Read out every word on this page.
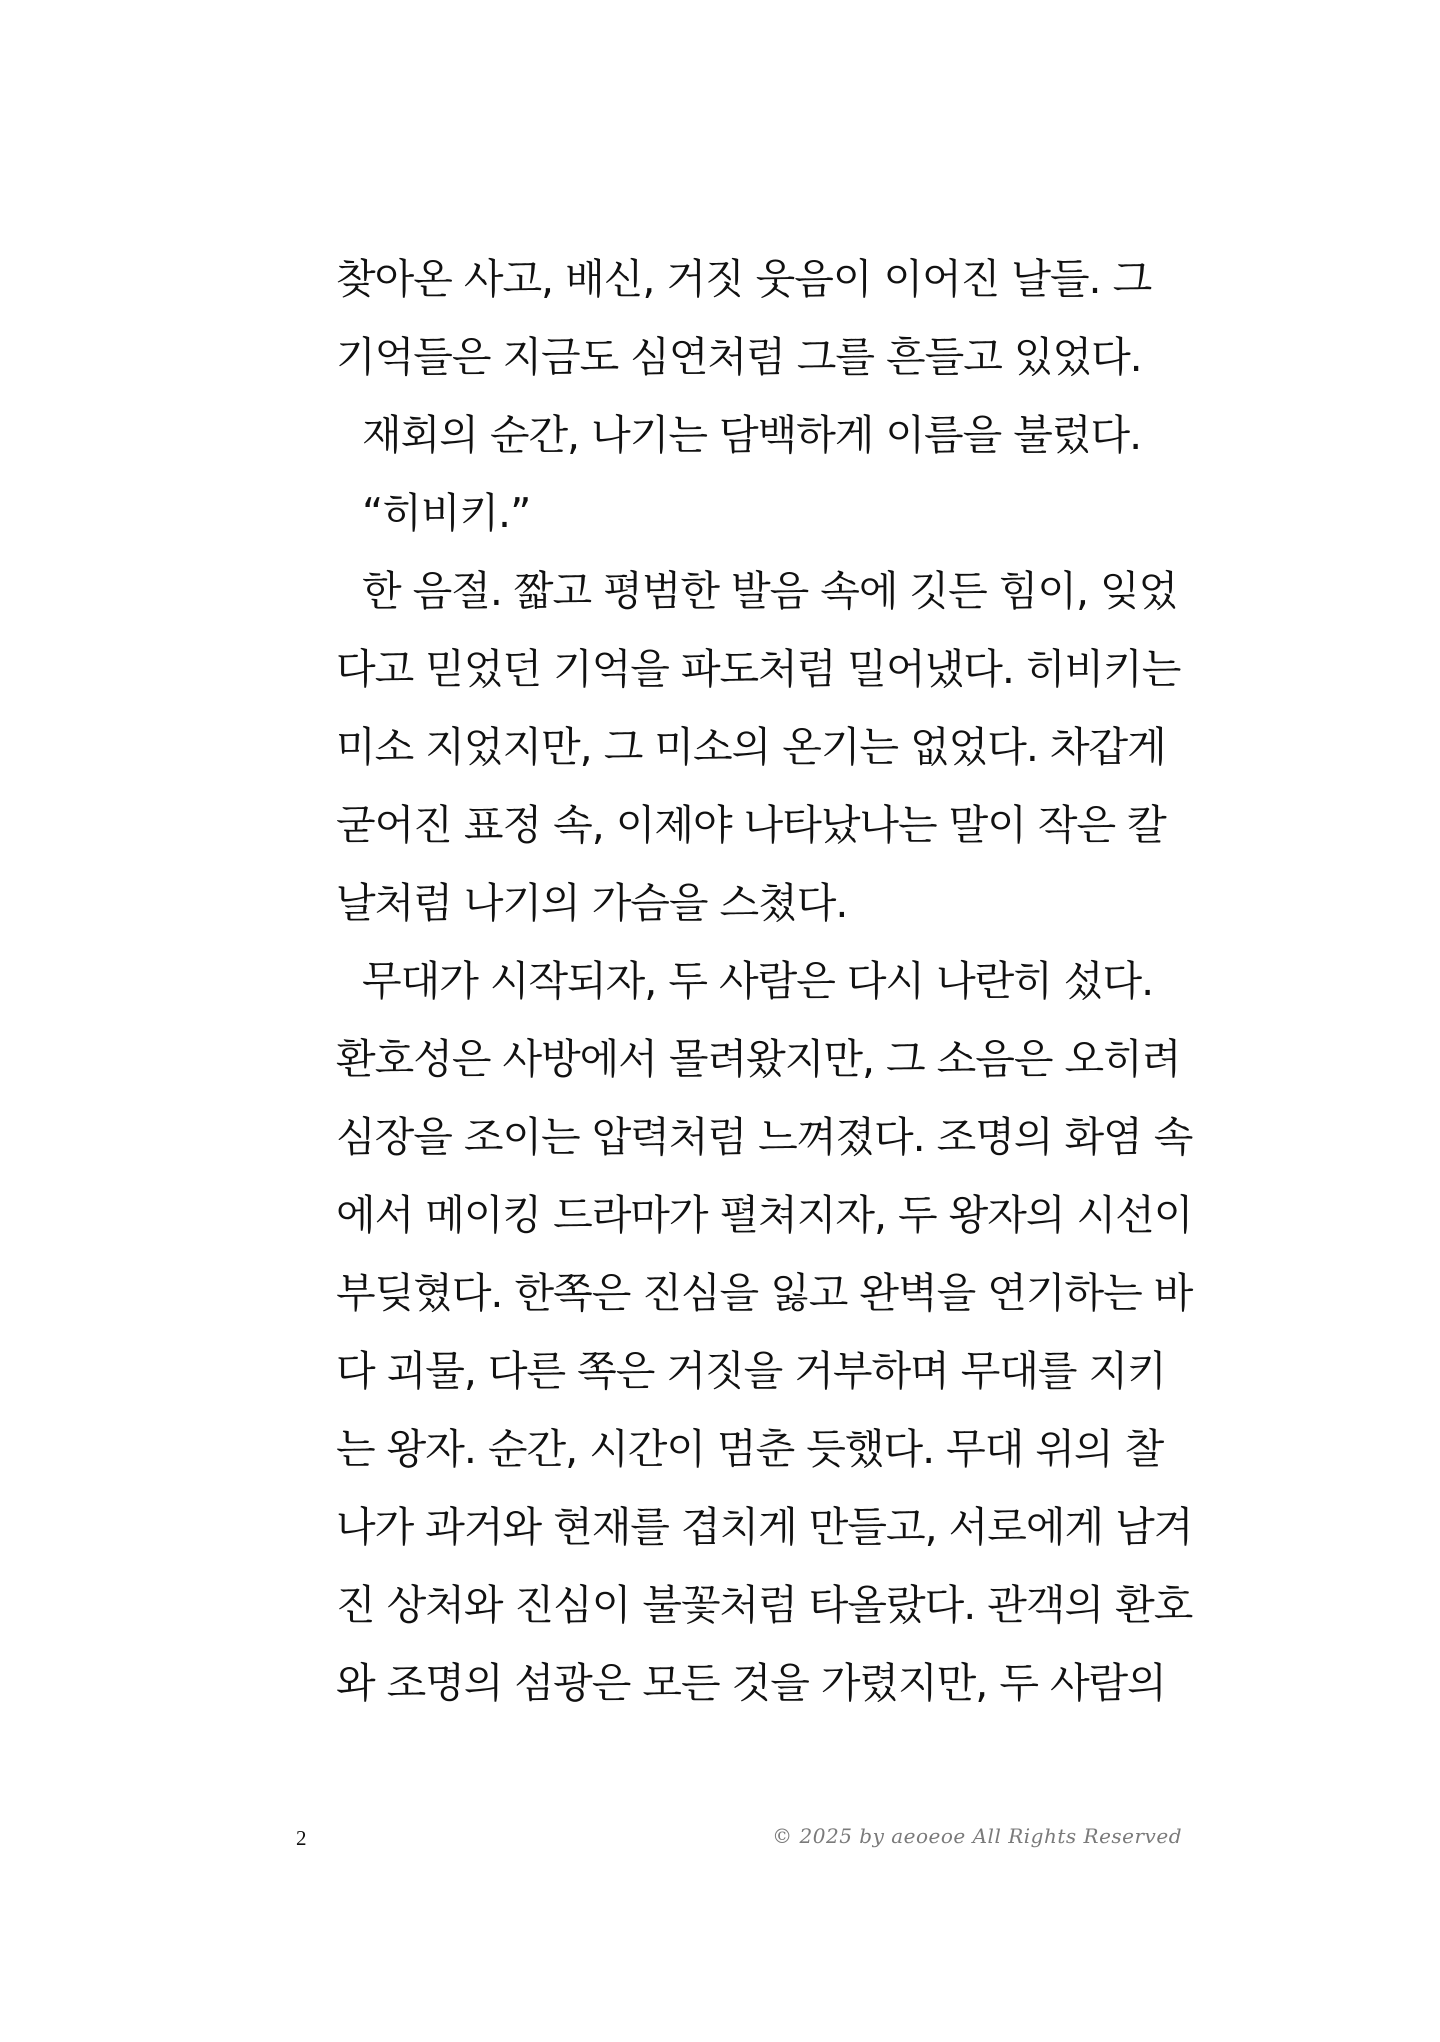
찾아온 사고, 배신, 거짓 웃음이 이어진 날들. 그
기억들은 지금도 심연처럼 그를 흔들고 있었다.
재회의 순간, 나기는 담백하게 이름을 불렀다.
“히비키.”
한 음절. 짧고 평범한 발음 속에 깃든 힘이, 잊었
다고 믿었던 기억을 파도처럼 밀어냈다. 히비키는
미소 지었지만, 그 미소의 온기는 없었다. 차갑게
굳어진 표정 속, 이제야 나타났나는 말이 작은 칼
날처럼 나기의 가슴을 스쳤다.
무대가 시작되자, 두 사람은 다시 나란히 섰다.
환호성은 사방에서 몰려왔지만, 그 소음은 오히려
심장을 조이는 압력처럼 느껴졌다. 조명의 화염 속
에서 메이킹 드라마가 펼쳐지자, 두 왕자의 시선이
부딪혔다. 한쪽은 진심을 잃고 완벽을 연기하는 바
다 괴물, 다른 쪽은 거짓을 거부하며 무대를 지키
는 왕자. 순간, 시간이 멈춘 듯했다. 무대 위의 찰
나가 과거와 현재를 겹치게 만들고, 서로에게 남겨
진 상처와 진심이 불꽃처럼 타올랐다. 관객의 환호
와 조명의 섬광은 모든 것을 가렸지만, 두 사람의
2	© 2025 by aeoeoe All Rights Reserved
